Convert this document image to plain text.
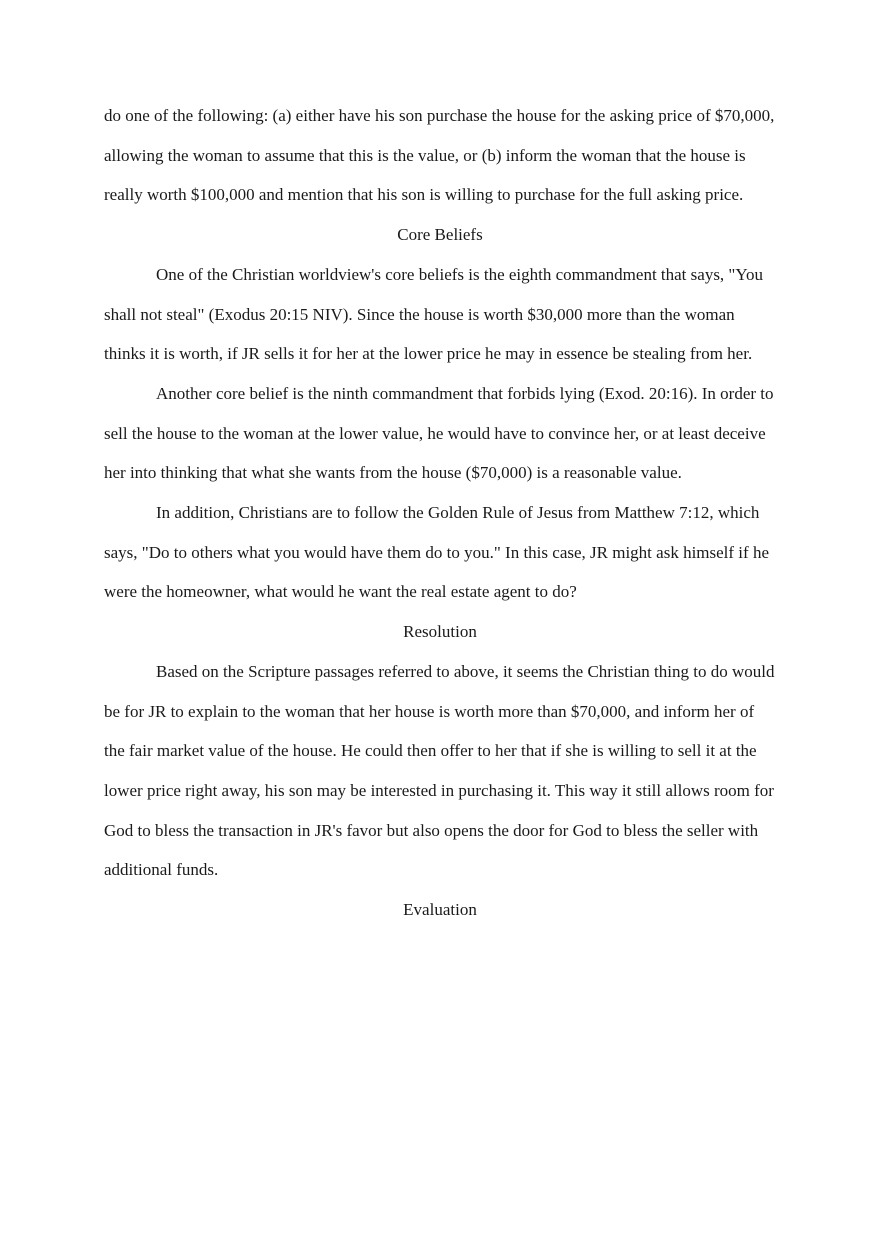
do one of the following: (a) either have his son purchase the house for the asking price of $70,000, allowing the woman to assume that this is the value, or (b) inform the woman that the house is really worth $100,000 and mention that his son is willing to purchase for the full asking price.

Core Beliefs

One of the Christian worldview's core beliefs is the eighth commandment that says, "You shall not steal" (Exodus 20:15 NIV). Since the house is worth $30,000 more than the woman thinks it is worth, if JR sells it for her at the lower price he may in essence be stealing from her.

Another core belief is the ninth commandment that forbids lying (Exod. 20:16). In order to sell the house to the woman at the lower value, he would have to convince her, or at least deceive her into thinking that what she wants from the house ($70,000) is a reasonable value.

In addition, Christians are to follow the Golden Rule of Jesus from Matthew 7:12, which says, "Do to others what you would have them do to you." In this case, JR might ask himself if he were the homeowner, what would he want the real estate agent to do?

Resolution

Based on the Scripture passages referred to above, it seems the Christian thing to do would be for JR to explain to the woman that her house is worth more than $70,000, and inform her of the fair market value of the house. He could then offer to her that if she is willing to sell it at the lower price right away, his son may be interested in purchasing it. This way it still allows room for God to bless the transaction in JR's favor but also opens the door for God to bless the seller with additional funds.

Evaluation
